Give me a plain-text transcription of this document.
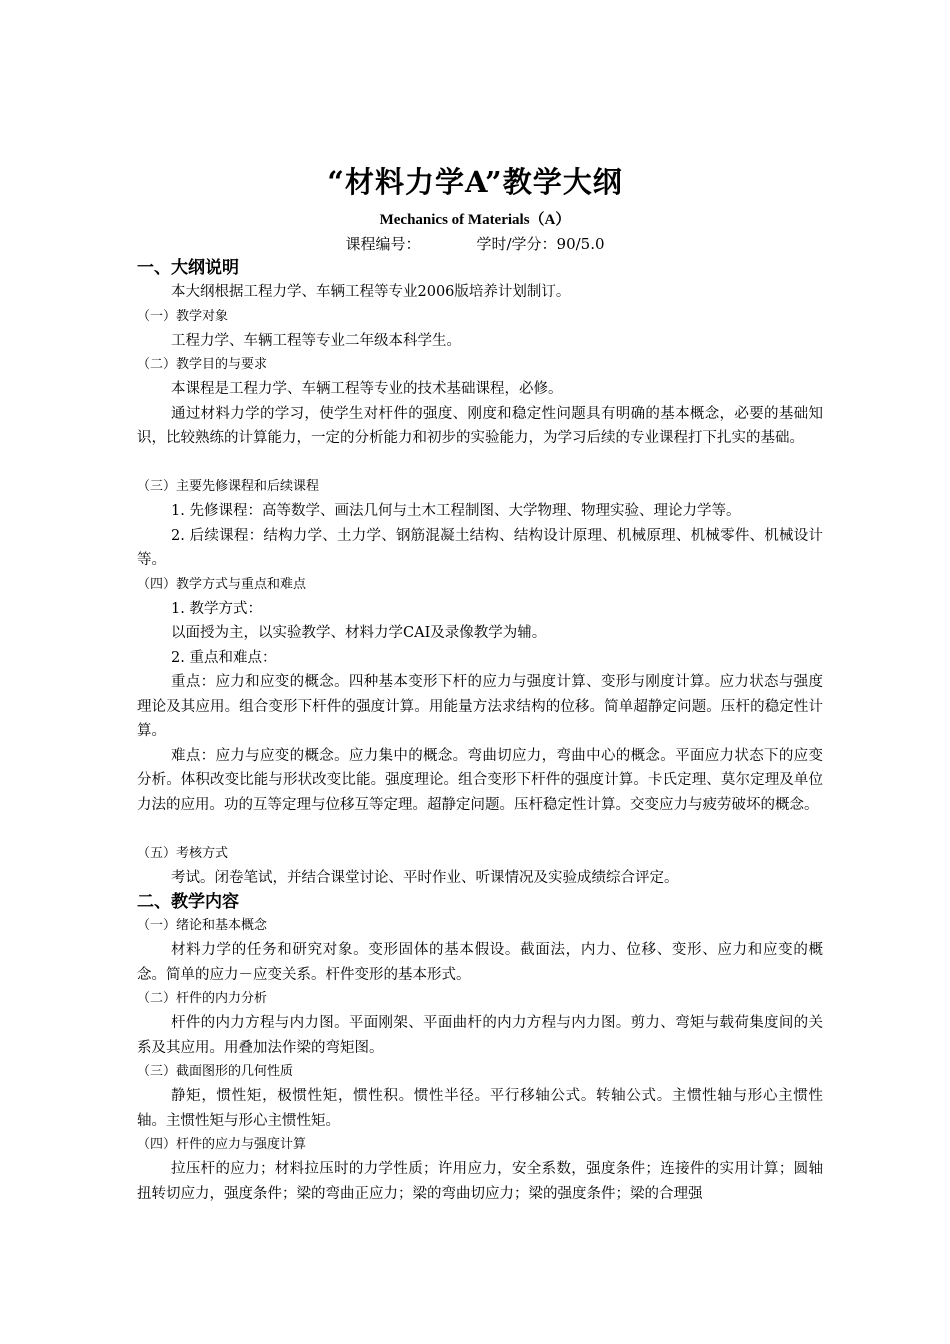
“材料力学A”教学大纲
Mechanics of Materials（A）
课程编号：	学时/学分：90/5.0
一、大纲说明
本大纲根据工程力学、车辆工程等专业2006版培养计划制订。
（一）教学对象
工程力学、车辆工程等专业二年级本科学生。
（二）教学目的与要求
本课程是工程力学、车辆工程等专业的技术基础课程，必修。
通过材料力学的学习，使学生对杆件的强度、刚度和稳定性问题具有明确的基本概念，必要的基础知识，比较熟练的计算能力，一定的分析能力和初步的实验能力，为学习后续的专业课程打下扎实的基础。
（三）主要先修课程和后续课程
1. 先修课程：高等数学、画法几何与土木工程制图、大学物理、物理实验、理论力学等。
2. 后续课程：结构力学、土力学、钢筋混凝土结构、结构设计原理、机械原理、机械零件、机械设计等。
（四）教学方式与重点和难点
1. 教学方式：
以面授为主，以实验教学、材料力学CAI及录像教学为辅。
2. 重点和难点：
重点：应力和应变的概念。四种基本变形下杆的应力与强度计算、变形与刚度计算。应力状态与强度理论及其应用。组合变形下杆件的强度计算。用能量方法求结构的位移。简单超静定问题。压杆的稳定性计算。
难点：应力与应变的概念。应力集中的概念。弯曲切应力，弯曲中心的概念。平面应力状态下的应变分析。体积改变比能与形状改变比能。强度理论。组合变形下杆件的强度计算。卡氏定理、莫尔定理及单位力法的应用。功的互等定理与位移互等定理。超静定问题。压杆稳定性计算。交变应力与疲劳破坏的概念。
（五）考核方式
考试。闭卷笔试，并结合课堂讨论、平时作业、听课情况及实验成绩综合评定。
二、教学内容
（一）绪论和基本概念
材料力学的任务和研究对象。变形固体的基本假设。截面法，内力、位移、变形、应力和应变的概念。简单的应力－应变关系。杆件变形的基本形式。
（二）杆件的内力分析
杆件的内力方程与内力图。平面刚架、平面曲杆的内力方程与内力图。剪力、弯矩与载荷集度间的关系及其应用。用叠加法作梁的弯矩图。
（三）截面图形的几何性质
静矩，惯性矩，极惯性矩，惯性积。惯性半径。平行移轴公式。转轴公式。主惯性轴与形心主惯性轴。主惯性矩与形心主惯性矩。
（四）杆件的应力与强度计算
拉压杆的应力；材料拉压时的力学性质；许用应力，安全系数，强度条件；连接件的实用计算；圆轴扭转切应力，强度条件；梁的弯曲正应力；梁的弯曲切应力；梁的强度条件；梁的合理强
